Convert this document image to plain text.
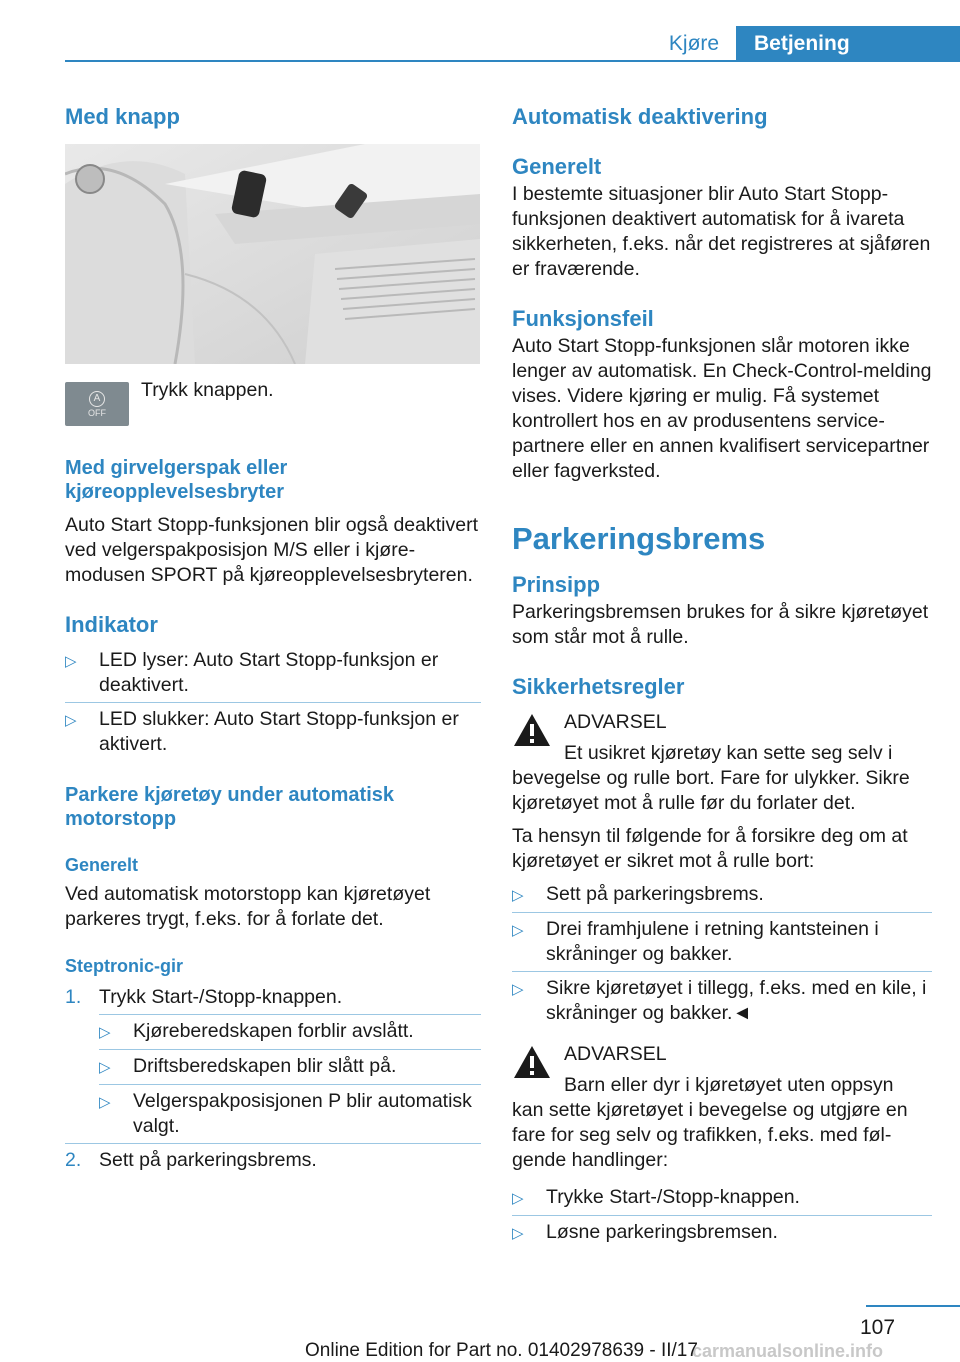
Kjøre	Betjening
Med knapp
A
OFF
Trykk knappen.
Med girvelgerspak eller kjøreopplevelsesbryter
Auto Start Stopp-funksjonen blir også deaktivert ved velgerspakposisjon M/S eller i kjøremodusen SPORT på kjøreopplevelsesbryteren.
Indikator
▷	LED lyser: Auto Start Stopp-funksjon er deaktivert.
▷	LED slukker: Auto Start Stopp-funksjon er aktivert.
Parkere kjøretøy under automatisk motorstopp
Generelt
Ved automatisk motorstopp kan kjøretøyet parkeres trygt, f.eks. for å forlate det.
Steptronic-gir
1. Trykk Start-/Stopp-knappen.
▷	Kjøreberedskapen forblir avslått.
▷	Driftsberedskapen blir slått på.
▷	Velgerspakposisjonen P blir automatisk valgt.
2. Sett på parkeringsbrems.
Automatisk deaktivering
Generelt
I bestemte situasjoner blir Auto Start Stopp-funksjonen deaktivert automatisk for å ivareta sikkerheten, f.eks. når det registreres at sjåføren er fraværende.
Funksjonsfeil
Auto Start Stopp-funksjonen slår motoren ikke lenger av automatisk. En Check-Control-melding vises. Videre kjøring er mulig. Få systemet kontrollert hos en av produsentens servicepartnere eller en annen kvalifisert servicepartner eller fagverksted.
Parkeringsbrems
Prinsipp
Parkeringsbremsen brukes for å sikre kjøretøyet som står mot å rulle.
Sikkerhetsregler
ADVARSEL
Et usikret kjøretøy kan sette seg selv i
bevegelse og rulle bort. Fare for ulykker. Sikre kjøretøyet mot å rulle før du forlater det.
Ta hensyn til følgende for å forsikre deg om at kjøretøyet er sikret mot å rulle bort:
▷	Sett på parkeringsbrems.
▷	Drei framhjulene i retning kantsteinen i skråninger og bakker.
▷	Sikre kjøretøyet i tillegg, f.eks. med en kile, i skråninger og bakker.◄
ADVARSEL
Barn eller dyr i kjøretøyet uten oppsyn
kan sette kjøretøyet i bevegelse og utgjøre en fare for seg selv og trafikken, f.eks. med følgende handlinger:
▷	Trykke Start-/Stopp-knappen.
▷	Løsne parkeringsbremsen.
107
carmanualsonline.info
Online Edition for Part no. 01402978639 - II/17
